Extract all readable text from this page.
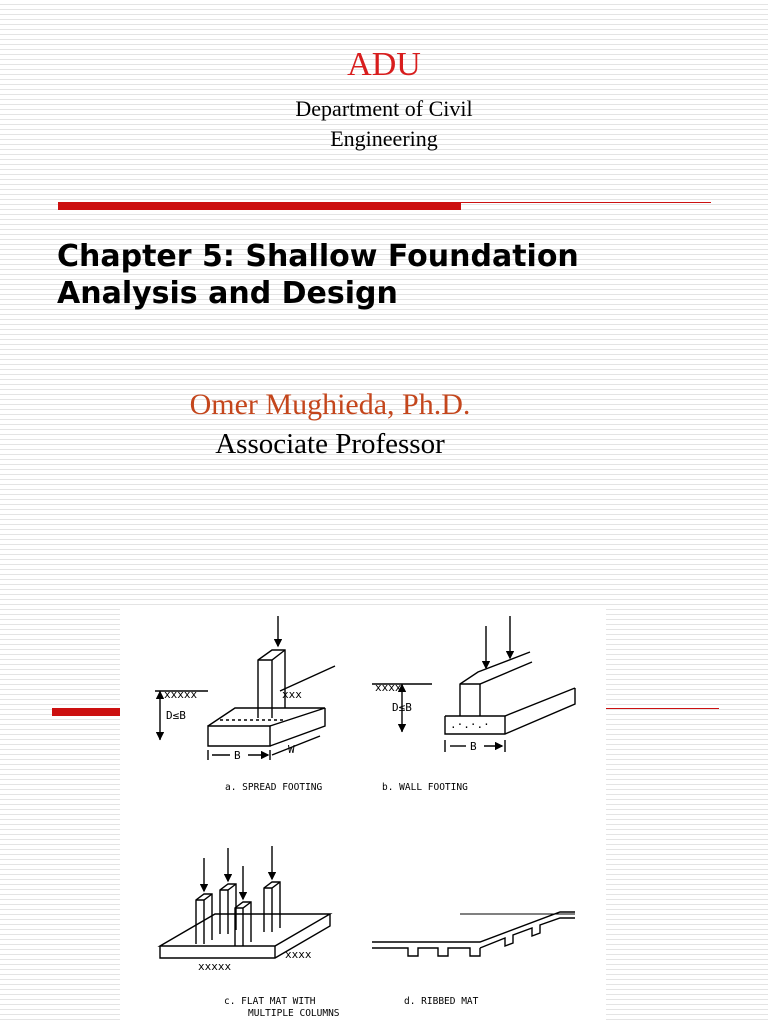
ADU
Department of Civil
Engineering
Chapter 5: Shallow Foundation
Analysis and Design
Omer Mughieda, Ph.D.
Associate Professor
xxxxx	xxx
D≤B
B	W
a. SPREAD FOOTING
xxxx
.·.·.·
D≤B
B
b. WALL FOOTING
xxxxx
xxxx
c. FLAT MAT WITH
MULTIPLE COLUMNS
d. RIBBED MAT
